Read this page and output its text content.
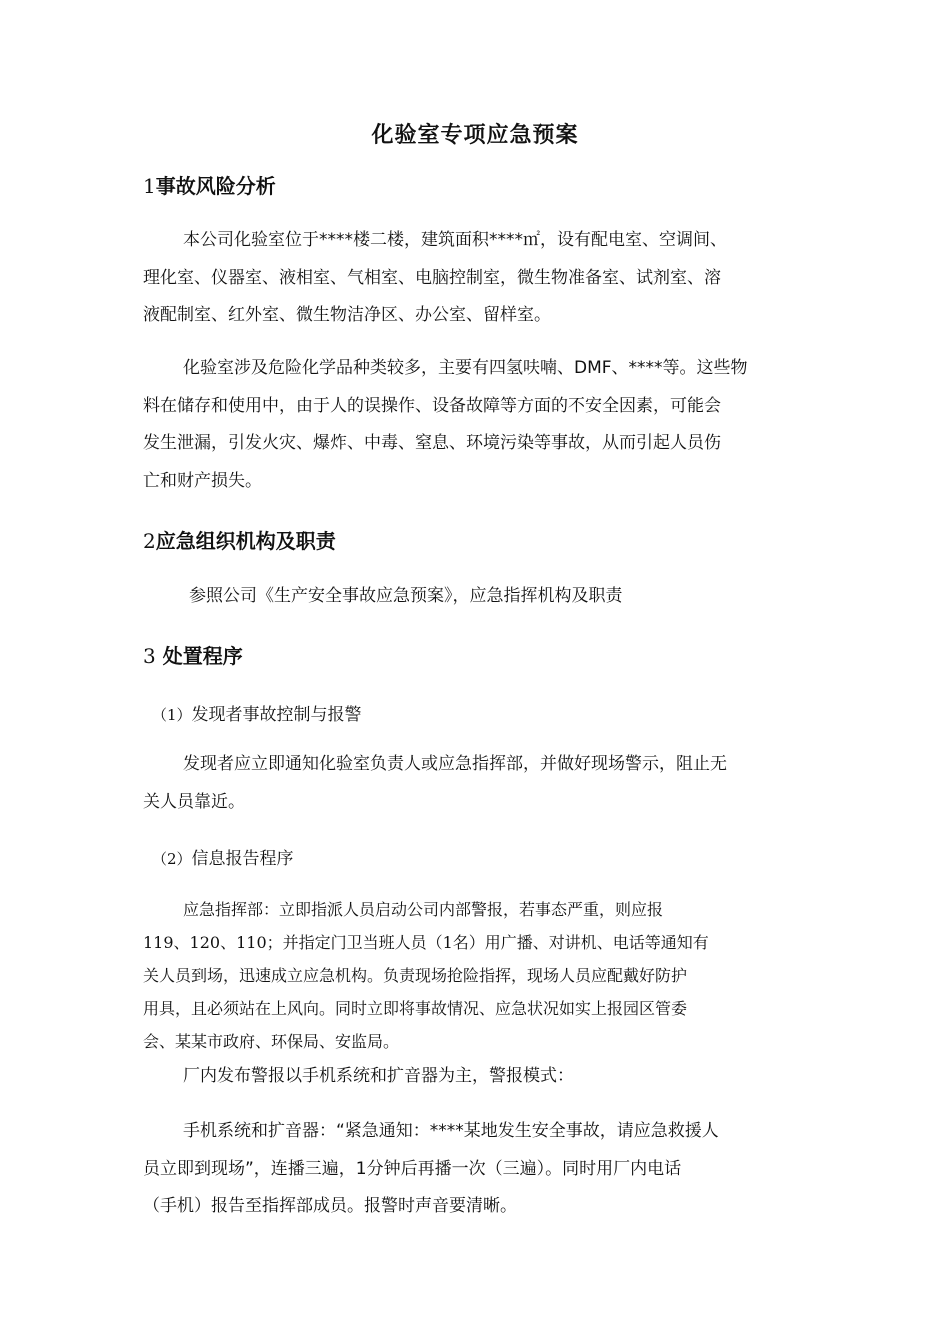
化验室专项应急预案
1事故风险分析
本公司化验室位于****楼二楼，建筑面积****㎡，设有配电室、空调间、
理化室、仪器室、液相室、气相室、电脑控制室，微生物准备室、试剂室、溶
液配制室、红外室、微生物洁净区、办公室、留样室。
化验室涉及危险化学品种类较多，主要有四氢呋喃、DMF、****等。这些物
料在储存和使用中，由于人的误操作、设备故障等方面的不安全因素，可能会
发生泄漏，引发火灾、爆炸、中毒、窒息、环境污染等事故，从而引起人员伤
亡和财产损失。
2应急组织机构及职责
参照公司《生产安全事故应急预案》，应急指挥机构及职责
3 处置程序
（1）发现者事故控制与报警
发现者应立即通知化验室负责人或应急指挥部，并做好现场警示，阻止无
关人员靠近。
（2）信息报告程序
应急指挥部：立即指派人员启动公司内部警报，若事态严重，则应报
119、120、110；并指定门卫当班人员（1名）用广播、对讲机、电话等通知有
关人员到场，迅速成立应急机构。负责现场抢险指挥，现场人员应配戴好防护
用具，且必须站在上风向。同时立即将事故情况、应急状况如实上报园区管委
会、某某市政府、环保局、安监局。
厂内发布警报以手机系统和扩音器为主，警报模式：
手机系统和扩音器：“紧急通知：****某地发生安全事故，请应急救援人
员立即到现场”，连播三遍，1分钟后再播一次（三遍）。同时用厂内电话
（手机）报告至指挥部成员。报警时声音要清晰。
